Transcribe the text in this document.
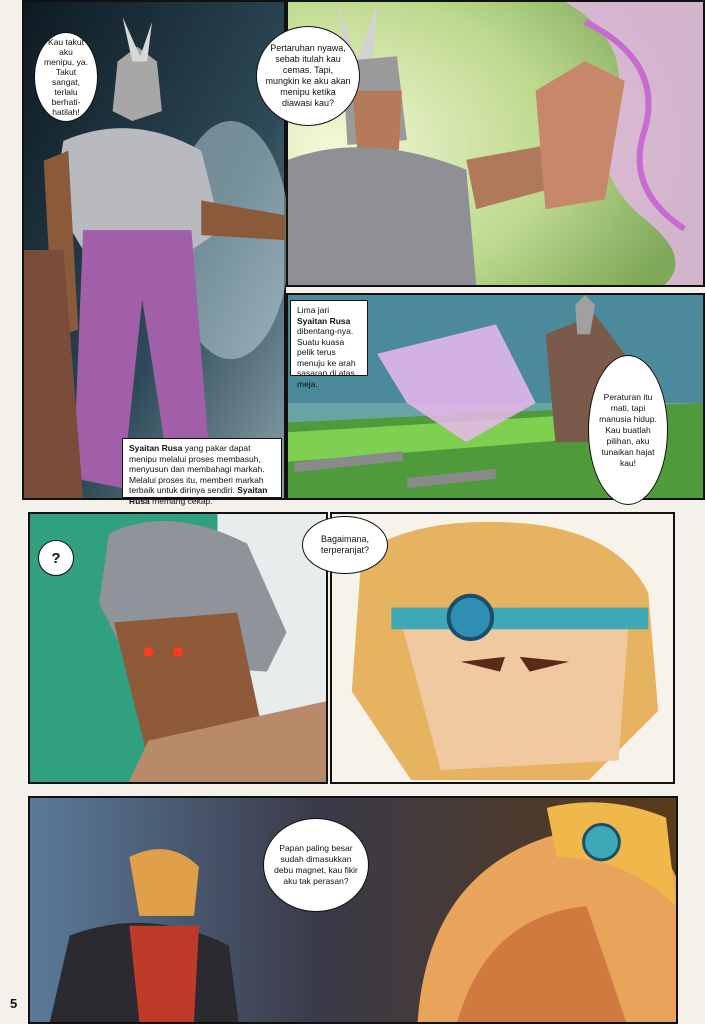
Kau takut aku menipu, ya. Takut sangat, terlalu berhati-hatilah!
Syaitan Rusa yang pakar dapat menipu melalui proses membasuh, menyusun dan membahagi markah. Melalui proses itu, memberi markah terbaik untuk dirinya sendiri. Syaitan Rusa memang cekap.
Pertaruhan nyawa, sebab itulah kau cemas. Tapi, mungkin ke aku akan menipu ketika diawasi kau?
Lima jari Syaitan Rusa dibentang-nya. Suatu kuasa pelik terus menuju ke arah sasaran di atas meja.
Peraturan itu mati, tapi manusia hidup. Kau buatlah pilihan, aku tunaikan hajat kau!
?
Bagaimana, terperanjat?
Papan paling besar sudah dimasukkan debu magnet, kau fikir aku tak perasan?
5
